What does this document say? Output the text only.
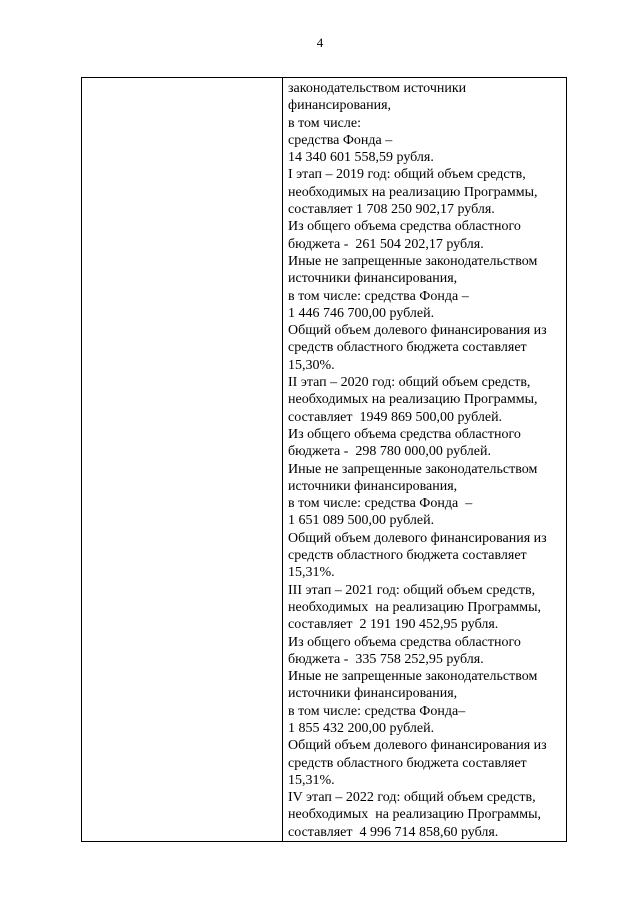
4
законодательством источники
финансирования,
в том числе:
средства Фонда –
14 340 601 558,59 рубля.
I этап – 2019 год: общий объем средств,
необходимых на реализацию Программы,
составляет 1 708 250 902,17 рубля.
Из общего объема средства областного
бюджета -  261 504 202,17 рубля.
Иные не запрещенные законодательством
источники финансирования,
в том числе: средства Фонда –
1 446 746 700,00 рублей.
Общий объем долевого финансирования из
средств областного бюджета составляет
15,30%.
II этап – 2020 год: общий объем средств,
необходимых на реализацию Программы,
составляет  1949 869 500,00 рублей.
Из общего объема средства областного
бюджета -  298 780 000,00 рублей.
Иные не запрещенные законодательством
источники финансирования,
в том числе: средства Фонда  –
1 651 089 500,00 рублей.
Общий объем долевого финансирования из
средств областного бюджета составляет
15,31%.
III этап – 2021 год: общий объем средств,
необходимых  на реализацию Программы,
составляет  2 191 190 452,95 рубля.
Из общего объема средства областного
бюджета -  335 758 252,95 рубля.
Иные не запрещенные законодательством
источники финансирования,
в том числе: средства Фонда–
1 855 432 200,00 рублей.
Общий объем долевого финансирования из
средств областного бюджета составляет
15,31%.
IV этап – 2022 год: общий объем средств,
необходимых  на реализацию Программы,
составляет  4 996 714 858,60 рубля.
